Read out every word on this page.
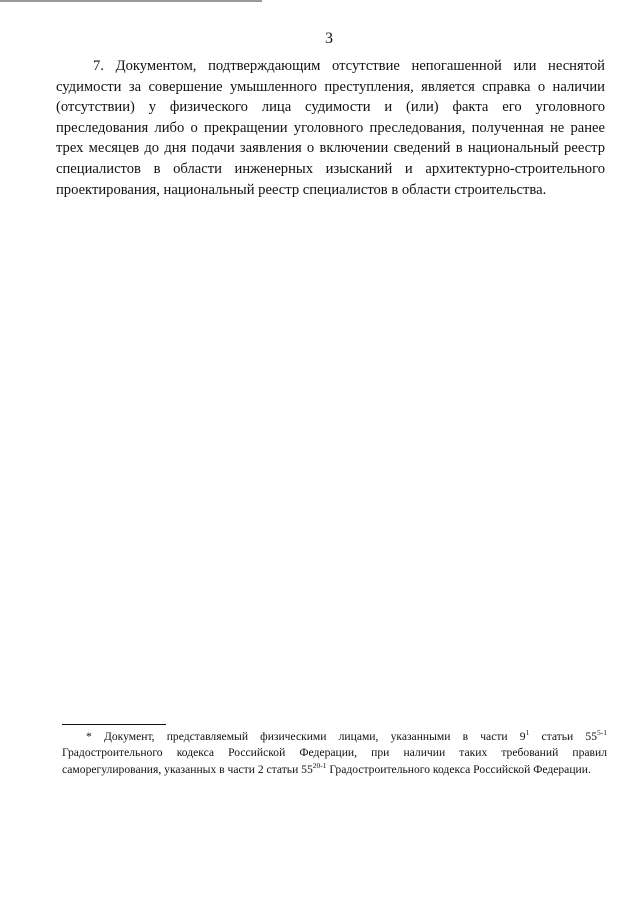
3

7. Документом, подтверждающим отсутствие непогашенной или неснятой судимости за совершение умышленного преступления, является справка о наличии (отсутствии) у физического лица судимости и (или) факта его уголовного преследования либо о прекращении уголовного преследования, полученная не ранее трех месяцев до дня подачи заявления о включении сведений в национальный реестр специалистов в области инженерных изысканий и архитектурно-строительного проектирования, национальный реестр специалистов в области строительства.

* Документ, представляемый физическими лицами, указанными в части $9^1$ статьи 55$^{5-1}$ Градостроительного кодекса Российской Федерации, при наличии таких требований правил саморегулирования, указанных в части 2 статьи 55$^{20-1}$ Градостроительного кодекса Российской Федерации.
